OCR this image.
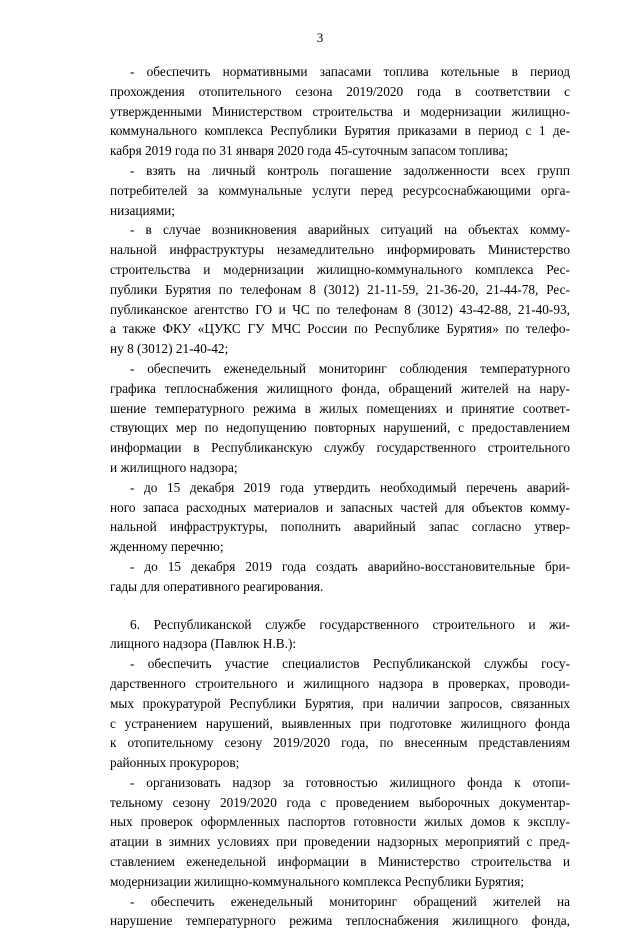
3
- обеспечить нормативными запасами топлива котельные в период
прохождения отопительного сезона 2019/2020 года в соответствии с
утвержденными Министерством строительства и модернизации жилищно-
коммунального комплекса Республики Бурятия приказами в период с 1 де-
кабря 2019 года по 31 января 2020 года 45-суточным запасом топлива;
- взять на личный контроль погашение задолженности всех групп
потребителей за коммунальные услуги перед ресурсоснабжающими орга-
низациями;
- в случае возникновения аварийных ситуаций на объектах комму-
нальной инфраструктуры незамедлительно информировать Министерство
строительства и модернизации жилищно-коммунального комплекса Рес-
публики Бурятия по телефонам 8 (3012) 21-11-59, 21-36-20, 21-44-78, Рес-
публиканское агентство ГО и ЧС по телефонам 8 (3012) 43-42-88, 21-40-93,
а также ФКУ «ЦУКС ГУ МЧС России по Республике Бурятия» по телефо-
ну 8 (3012) 21-40-42;
- обеспечить еженедельный мониторинг соблюдения температурного
графика теплоснабжения жилищного фонда, обращений жителей на нару-
шение температурного режима в жилых помещениях и принятие соответ-
ствующих мер по недопущению повторных нарушений, с предоставлением
информации в Республиканскую службу государственного строительного
и жилищного надзора;
- до 15 декабря 2019 года утвердить необходимый перечень аварий-
ного запаса расходных материалов и запасных частей для объектов комму-
нальной инфраструктуры, пополнить аварийный запас согласно утвер-
жденному перечню;
- до 15 декабря 2019 года создать аварийно-восстановительные бри-
гады для оперативного реагирования.
6. Республиканской службе государственного строительного и жи-
лищного надзора (Павлюк Н.В.):
- обеспечить участие специалистов Республиканской службы госу-
дарственного строительного и жилищного надзора в проверках, проводи-
мых прокуратурой Республики Бурятия, при наличии запросов, связанных
с устранением нарушений, выявленных при подготовке жилищного фонда
к отопительному сезону 2019/2020 года, по внесенным представлениям
районных прокуроров;
- организовать надзор за готовностью жилищного фонда к отопи-
тельному сезону 2019/2020 года с проведением выборочных документар-
ных проверок оформленных паспортов готовности жилых домов к эксплу-
атации в зимних условиях при проведении надзорных мероприятий с пред-
ставлением еженедельной информации в Министерство строительства и
модернизации жилищно-коммунального комплекса Республики Бурятия;
- обеспечить еженедельный мониторинг обращений жителей на
нарушение температурного режима теплоснабжения жилищного фонда,
